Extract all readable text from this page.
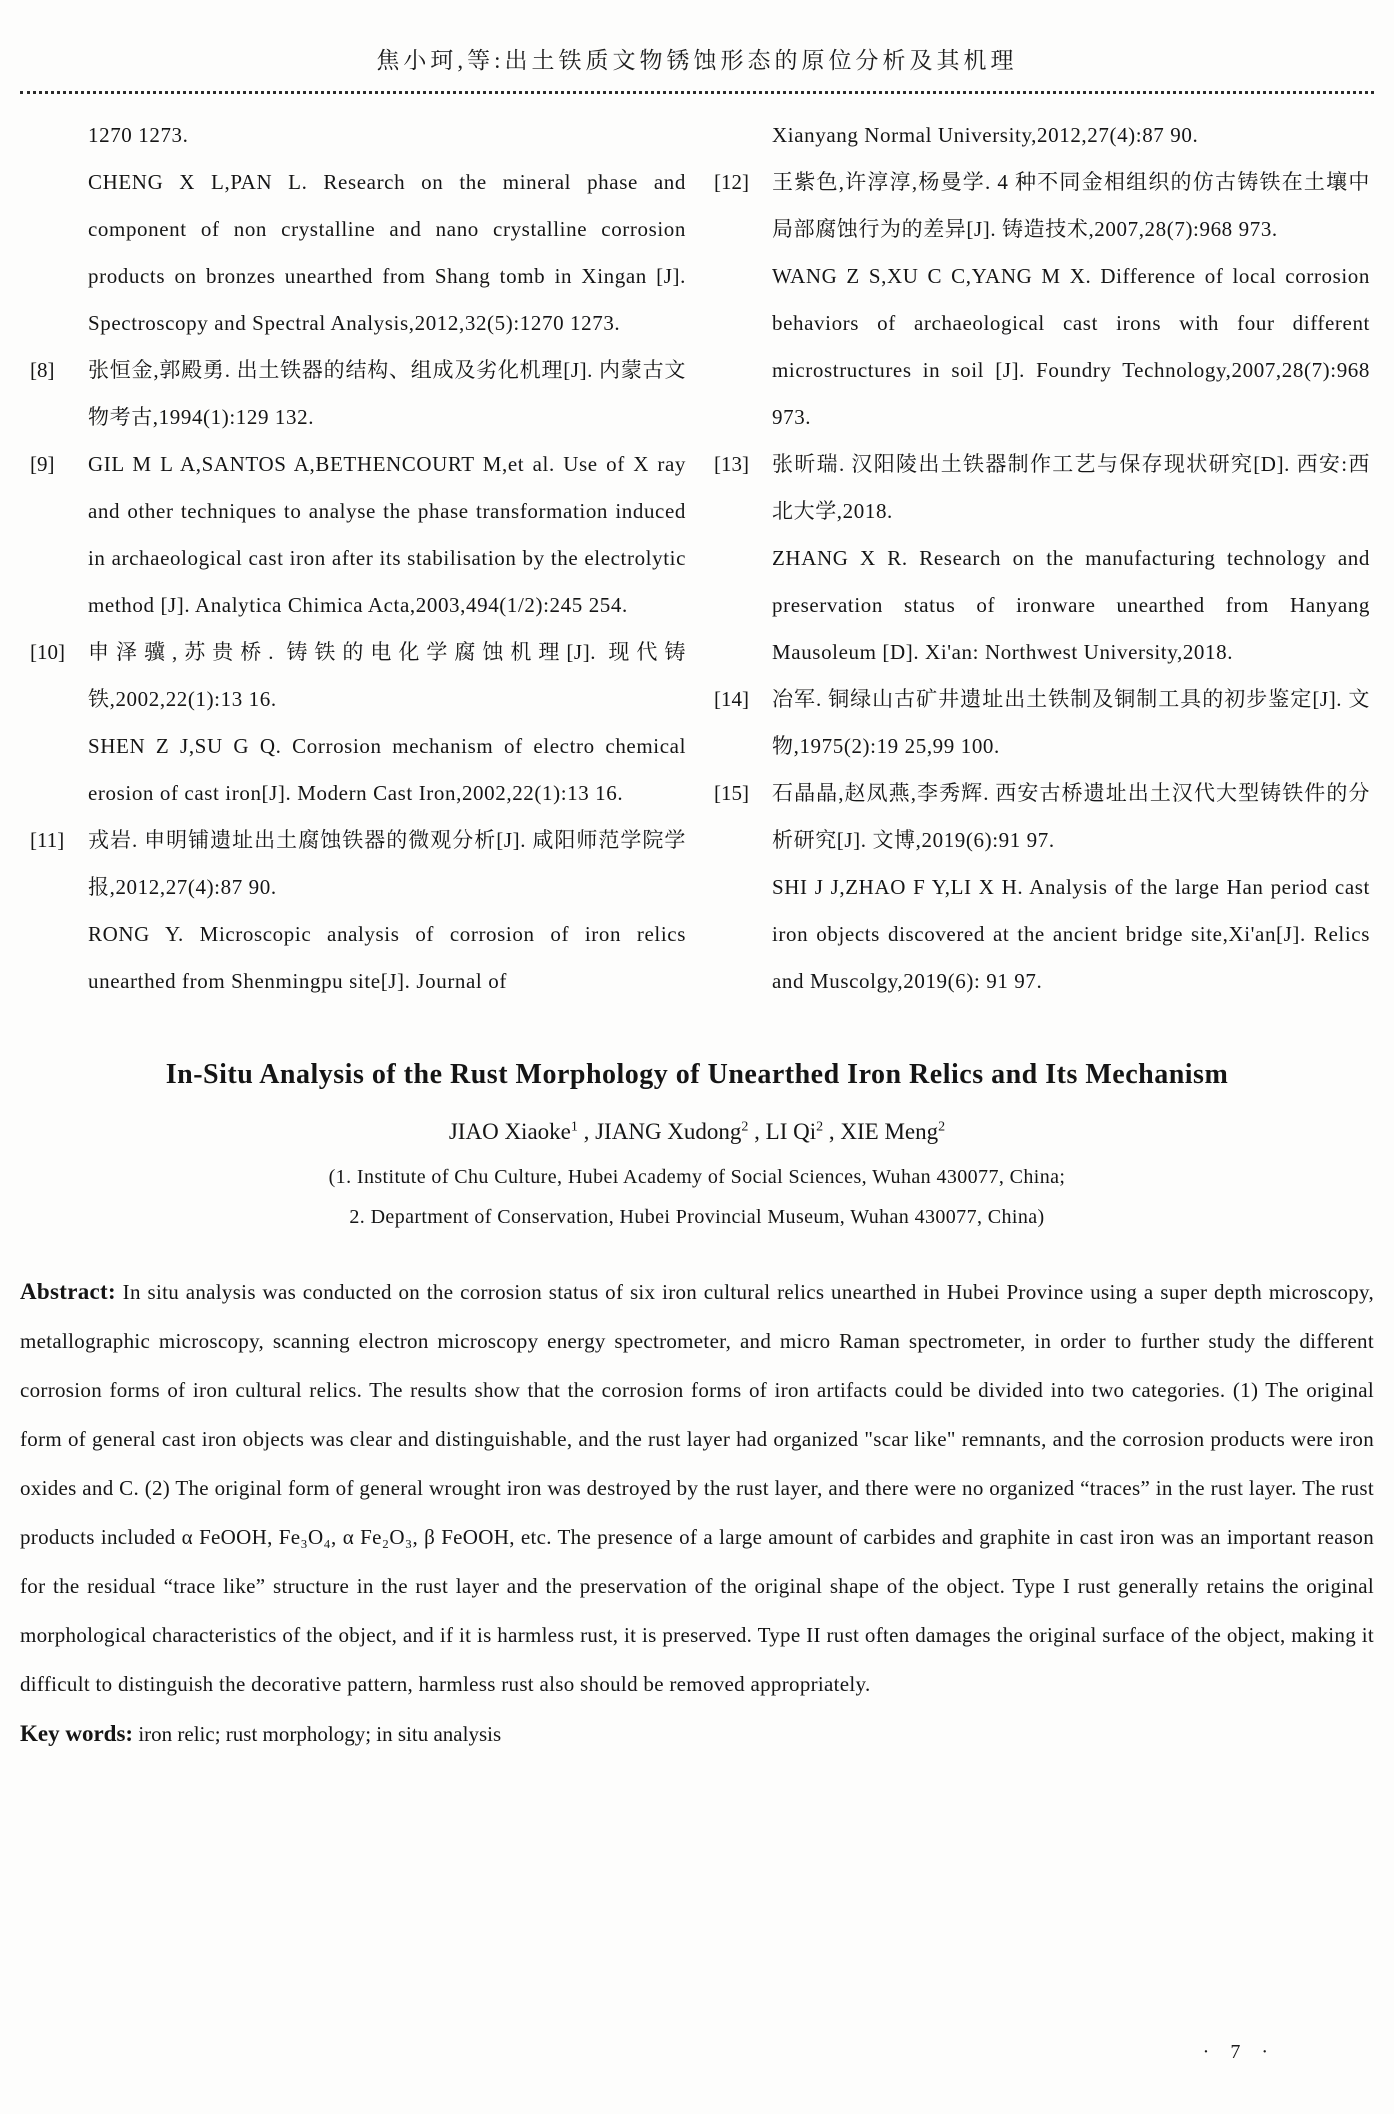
焦小珂,等:出土铁质文物锈蚀形态的原位分析及其机理

1270 1273.

CHENG X L,PAN L. Research on the mineral phase and component of non crystalline and nano crystalline corrosion products on bronzes unearthed from Shang tomb in Xingan [J]. Spectroscopy and Spectral Analysis,2012,32(5):1270 1273.

[8]	张恒金,郭殿勇. 出土铁器的结构、组成及劣化机理[J]. 内蒙古文物考古,1994(1):129 132.

[9]	GIL M L A,SANTOS A,BETHENCOURT M,et al. Use of X ray and other techniques to analyse the phase transformation induced in archaeological cast iron after its stabilisation by the electrolytic method [J]. Analytica Chimica Acta,2003,494(1/2):245 254.

[10]	申泽骥,苏贵桥. 铸铁的电化学腐蚀机理[J]. 现代铸铁,2002,22(1):13 16.

SHEN Z J,SU G Q. Corrosion mechanism of electro chemical erosion of cast iron[J]. Modern Cast Iron,2002,22(1):13 16.

[11]	戎岩. 申明铺遗址出土腐蚀铁器的微观分析[J]. 咸阳师范学院学报,2012,27(4):87 90.

RONG Y. Microscopic analysis of corrosion of iron relics unearthed from Shenmingpu site[J]. Journal of

Xianyang Normal University,2012,27(4):87 90.

[12]	王紫色,许淳淳,杨曼学. 4 种不同金相组织的仿古铸铁在土壤中局部腐蚀行为的差异[J]. 铸造技术,2007,28(7):968 973.

WANG Z S,XU C C,YANG M X. Difference of local corrosion behaviors of archaeological cast irons with four different microstructures in soil [J]. Foundry Technology,2007,28(7):968 973.

[13]	张昕瑞. 汉阳陵出土铁器制作工艺与保存现状研究[D]. 西安:西北大学,2018.

ZHANG X R. Research on the manufacturing technology and preservation status of ironware unearthed from Hanyang Mausoleum [D]. Xi'an: Northwest University,2018.

[14]	冶军. 铜绿山古矿井遗址出土铁制及铜制工具的初步鉴定[J]. 文物,1975(2):19 25,99 100.

[15]	石晶晶,赵凤燕,李秀辉. 西安古桥遗址出土汉代大型铸铁件的分析研究[J]. 文博,2019(6):91 97.

SHI J J,ZHAO F Y,LI X H. Analysis of the large Han period cast iron objects discovered at the ancient bridge site,Xi'an[J]. Relics and Muscolgy,2019(6): 91 97.

In-Situ Analysis of the Rust Morphology of Unearthed Iron Relics and Its Mechanism
JIAO Xiaoke$^1$ , JIANG Xudong$^2$ , LI Qi$^2$ , XIE Meng$^2$
(1. Institute of Chu Culture, Hubei Academy of Social Sciences, Wuhan 430077, China;
2. Department of Conservation, Hubei Provincial Museum, Wuhan 430077, China)

Abstract: In situ analysis was conducted on the corrosion status of six iron cultural relics unearthed in Hubei Province using a super depth microscopy, metallographic microscopy, scanning electron microscopy energy spectrometer, and micro Raman spectrometer, in order to further study the different corrosion forms of iron cultural relics. The results show that the corrosion forms of iron artifacts could be divided into two categories. (1) The original form of general cast iron objects was clear and distinguishable, and the rust layer had organized "scar like" remnants, and the corrosion products were iron oxides and C. (2) The original form of general wrought iron was destroyed by the rust layer, and there were no organized “traces” in the rust layer. The rust products included α FeOOH, Fe₃O₄, α Fe₂O₃, β FeOOH, etc. The presence of a large amount of carbides and graphite in cast iron was an important reason for the residual “trace like” structure in the rust layer and the preservation of the original shape of the object. Type I rust generally retains the original morphological characteristics of the object, and if it is harmless rust, it is preserved. Type II rust often damages the original surface of the object, making it difficult to distinguish the decorative pattern, harmless rust also should be removed appropriately.

Key words: iron relic; rust morphology; in situ analysis

· 7 ·
